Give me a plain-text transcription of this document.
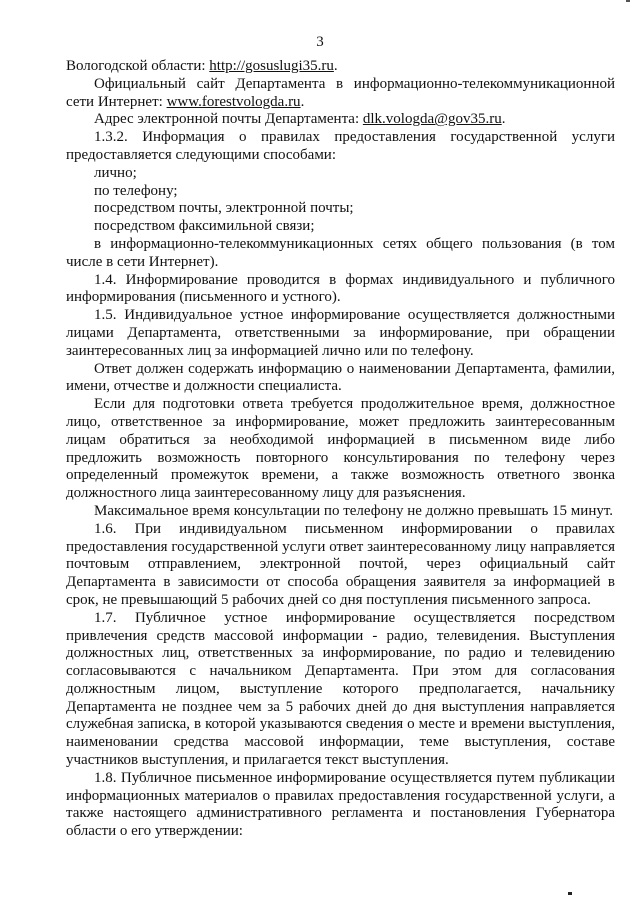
3

Вологодской области: http://gosuslugi35.ru.

Официальный сайт Департамента в информационно-телекоммуникационной сети Интернет: www.forestvologda.ru.

Адрес электронной почты Департамента: dlk.vologda@gov35.ru.

1.3.2. Информация о правилах предоставления государственной услуги предоставляется следующими способами:

лично;

по телефону;

посредством почты, электронной почты;

посредством факсимильной связи;

в информационно-телекоммуникационных сетях общего пользования (в том числе в сети Интернет).

1.4. Информирование проводится в формах индивидуального и публичного информирования (письменного и устного).

1.5. Индивидуальное устное информирование осуществляется должностными лицами Департамента, ответственными за информирование, при обращении заинтересованных лиц за информацией лично или по телефону.

Ответ должен содержать информацию о наименовании Департамента, фамилии, имени, отчестве и должности специалиста.

Если для подготовки ответа требуется продолжительное время, должностное лицо, ответственное за информирование, может предложить заинтересованным лицам обратиться за необходимой информацией в письменном виде либо предложить возможность повторного консультирования по телефону через определенный промежуток времени, а также возможность ответного звонка должностного лица заинтересованному лицу для разъяснения.

Максимальное время консультации по телефону не должно превышать 15 минут.

1.6. При индивидуальном письменном информировании о правилах предоставления государственной услуги ответ заинтересованному лицу направляется почтовым отправлением, электронной почтой, через официальный сайт Департамента в зависимости от способа обращения заявителя за информацией в срок, не превышающий 5 рабочих дней со дня поступления письменного запроса.

1.7. Публичное устное информирование осуществляется посредством привлечения средств массовой информации - радио, телевидения. Выступления должностных лиц, ответственных за информирование, по радио и телевидению согласовываются с начальником Департамента. При этом для согласования должностным лицом, выступление которого предполагается, начальнику Департамента не позднее чем за 5 рабочих дней до дня выступления направляется служебная записка, в которой указываются сведения о месте и времени выступления, наименовании средства массовой информации, теме выступления, составе участников выступления, и прилагается текст выступления.

1.8. Публичное письменное информирование осуществляется путем публикации информационных материалов о правилах предоставления государственной услуги, а также настоящего административного регламента и постановления Губернатора области о его утверждении:
